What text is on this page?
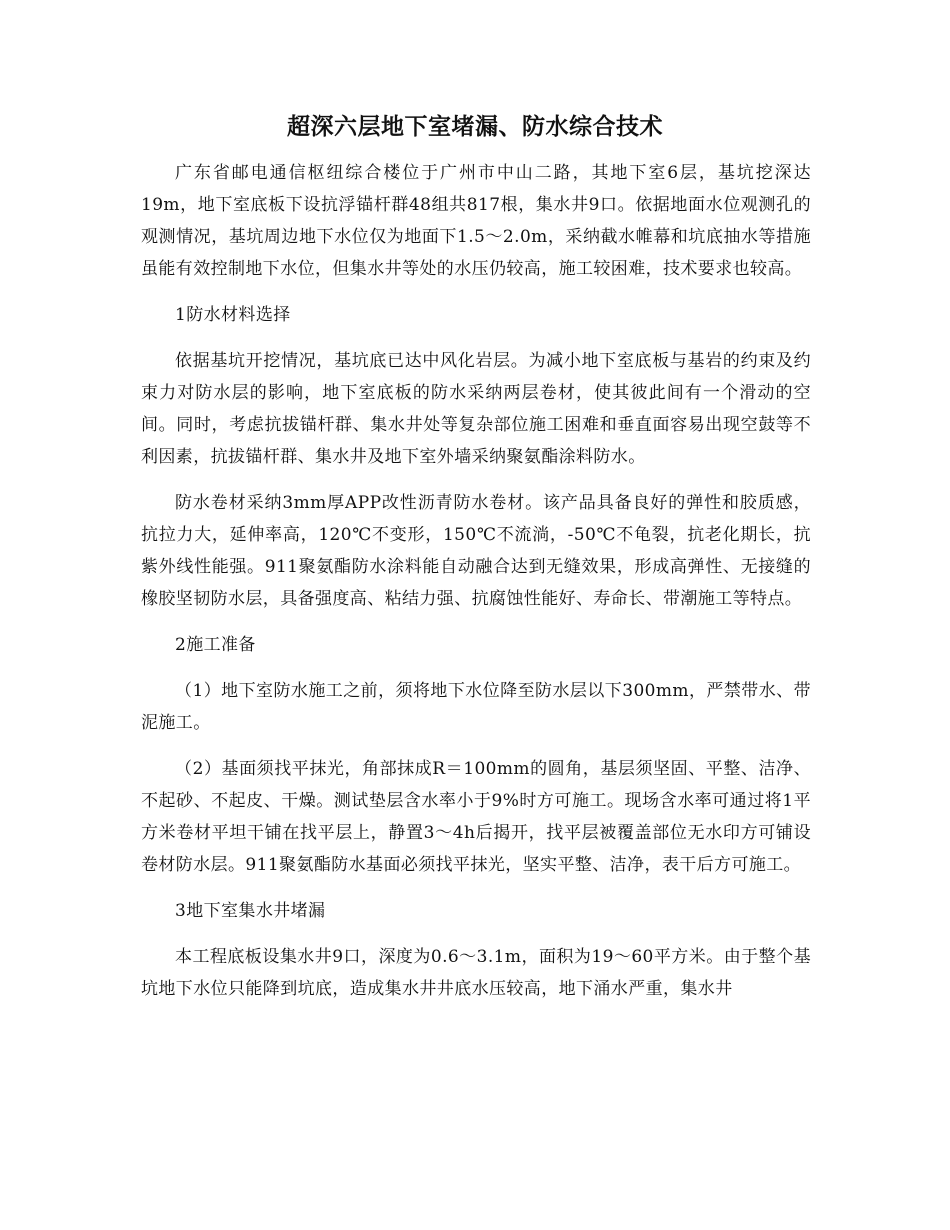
超深六层地下室堵漏、防水综合技术

广东省邮电通信枢纽综合楼位于广州市中山二路，其地下室6层，基坑挖深达19m，地下室底板下设抗浮锚杆群48组共817根，集水井9口。依据地面水位观测孔的观测情况，基坑周边地下水位仅为地面下1.5～2.0m，采纳截水帷幕和坑底抽水等措施虽能有效控制地下水位，但集水井等处的水压仍较高，施工较困难，技术要求也较高。

1防水材料选择

依据基坑开挖情况，基坑底已达中风化岩层。为减小地下室底板与基岩的约束及约束力对防水层的影响，地下室底板的防水采纳两层卷材，使其彼此间有一个滑动的空间。同时，考虑抗拔锚杆群、集水井处等复杂部位施工困难和垂直面容易出现空鼓等不利因素，抗拔锚杆群、集水井及地下室外墙采纳聚氨酯涂料防水。

防水卷材采纳3mm厚APP改性沥青防水卷材。该产品具备良好的弹性和胶质感，抗拉力大，延伸率高，120℃不变形，150℃不流淌，-50℃不龟裂，抗老化期长，抗紫外线性能强。911聚氨酯防水涂料能自动融合达到无缝效果，形成高弹性、无接缝的橡胶坚韧防水层，具备强度高、粘结力强、抗腐蚀性能好、寿命长、带潮施工等特点。

2施工准备

（1）地下室防水施工之前，须将地下水位降至防水层以下300mm，严禁带水、带泥施工。

（2）基面须找平抹光，角部抹成R＝100mm的圆角，基层须坚固、平整、洁净、不起砂、不起皮、干燥。测试垫层含水率小于9%时方可施工。现场含水率可通过将1平方米卷材平坦干铺在找平层上，静置3～4h后揭开，找平层被覆盖部位无水印方可铺设卷材防水层。911聚氨酯防水基面必须找平抹光，坚实平整、洁净，表干后方可施工。

3地下室集水井堵漏

本工程底板设集水井9口，深度为0.6～3.1m，面积为19～60平方米。由于整个基坑地下水位只能降到坑底，造成集水井井底水压较高，地下涌水严重，集水井
